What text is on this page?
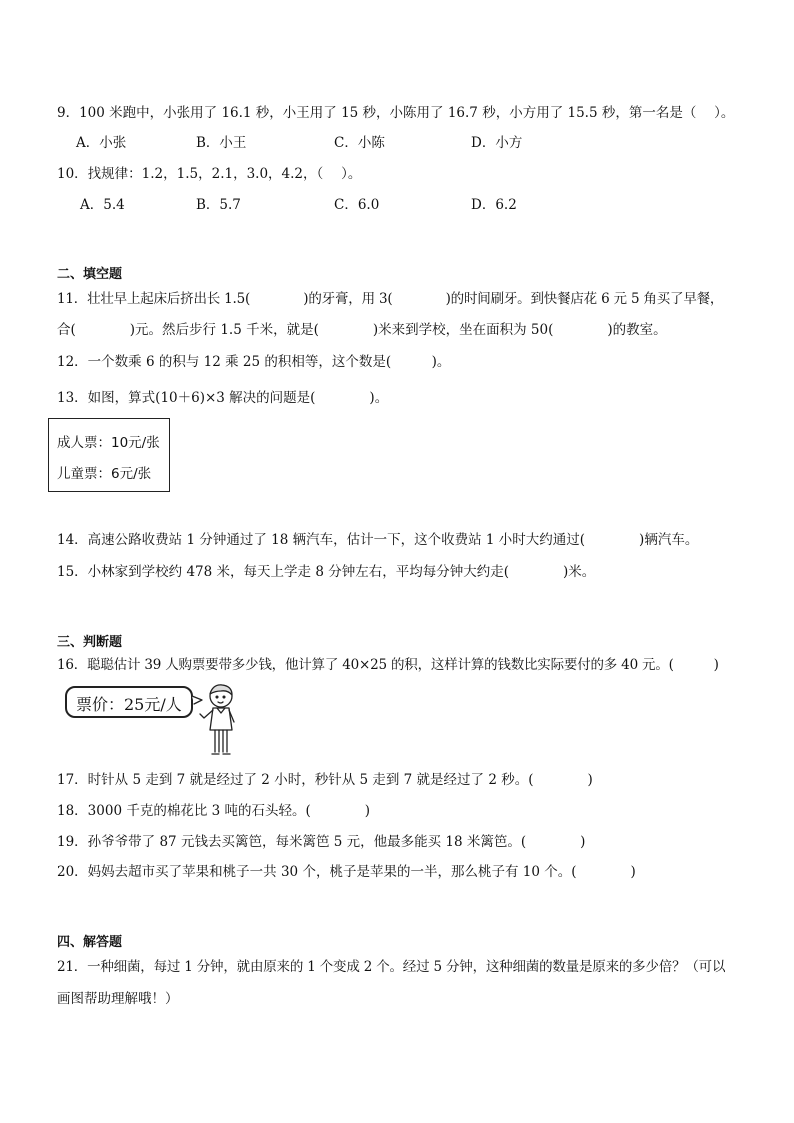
9．100 米跑中，小张用了 16.1 秒，小王用了 15 秒，小陈用了 16.7 秒，小方用了 15.5 秒，第一名是（　 ）。
A．小张	B．小王	C．小陈	D．小方
10．找规律：1.2，1.5，2.1，3.0，4.2，（　 ）。
A．5.4	B．5.7	C．6.0	D．6.2
二、填空题
11．壮壮早上起床后挤出长 1.5(　　　　)的牙膏，用 3(　　　　)的时间刷牙。到快餐店花 6 元 5 角买了早餐，
合(　　　　)元。然后步行 1.5 千米，就是(　　　　)米来到学校，坐在面积为 50(　　　　)的教室。
12．一个数乘 6 的积与 12 乘 25 的积相等，这个数是(　　　)。
13．如图，算式(10＋6)×3 解决的问题是(　　　　)。
成人票：10元/张
儿童票：6元/张
14．高速公路收费站 1 分钟通过了 18 辆汽车，估计一下，这个收费站 1 小时大约通过(　　　　)辆汽车。
15．小林家到学校约 478 米，每天上学走 8 分钟左右，平均每分钟大约走(　　　　)米。
三、判断题
16．聪聪估计 39 人购票要带多少钱，他计算了 40×25 的积，这样计算的钱数比实际要付的多 40 元。(　　　)
票价：25元/人
17．时针从 5 走到 7 就是经过了 2 小时，秒针从 5 走到 7 就是经过了 2 秒。(　　　　)
18．3000 千克的棉花比 3 吨的石头轻。(　　　　)
19．孙爷爷带了 87 元钱去买篱笆，每米篱笆 5 元，他最多能买 18 米篱笆。(　　　　)
20．妈妈去超市买了苹果和桃子一共 30 个，桃子是苹果的一半，那么桃子有 10 个。(　　　　)
四、解答题
21．一种细菌，每过 1 分钟，就由原来的 1 个变成 2 个。经过 5 分钟，这种细菌的数量是原来的多少倍？（可以
画图帮助理解哦！）
